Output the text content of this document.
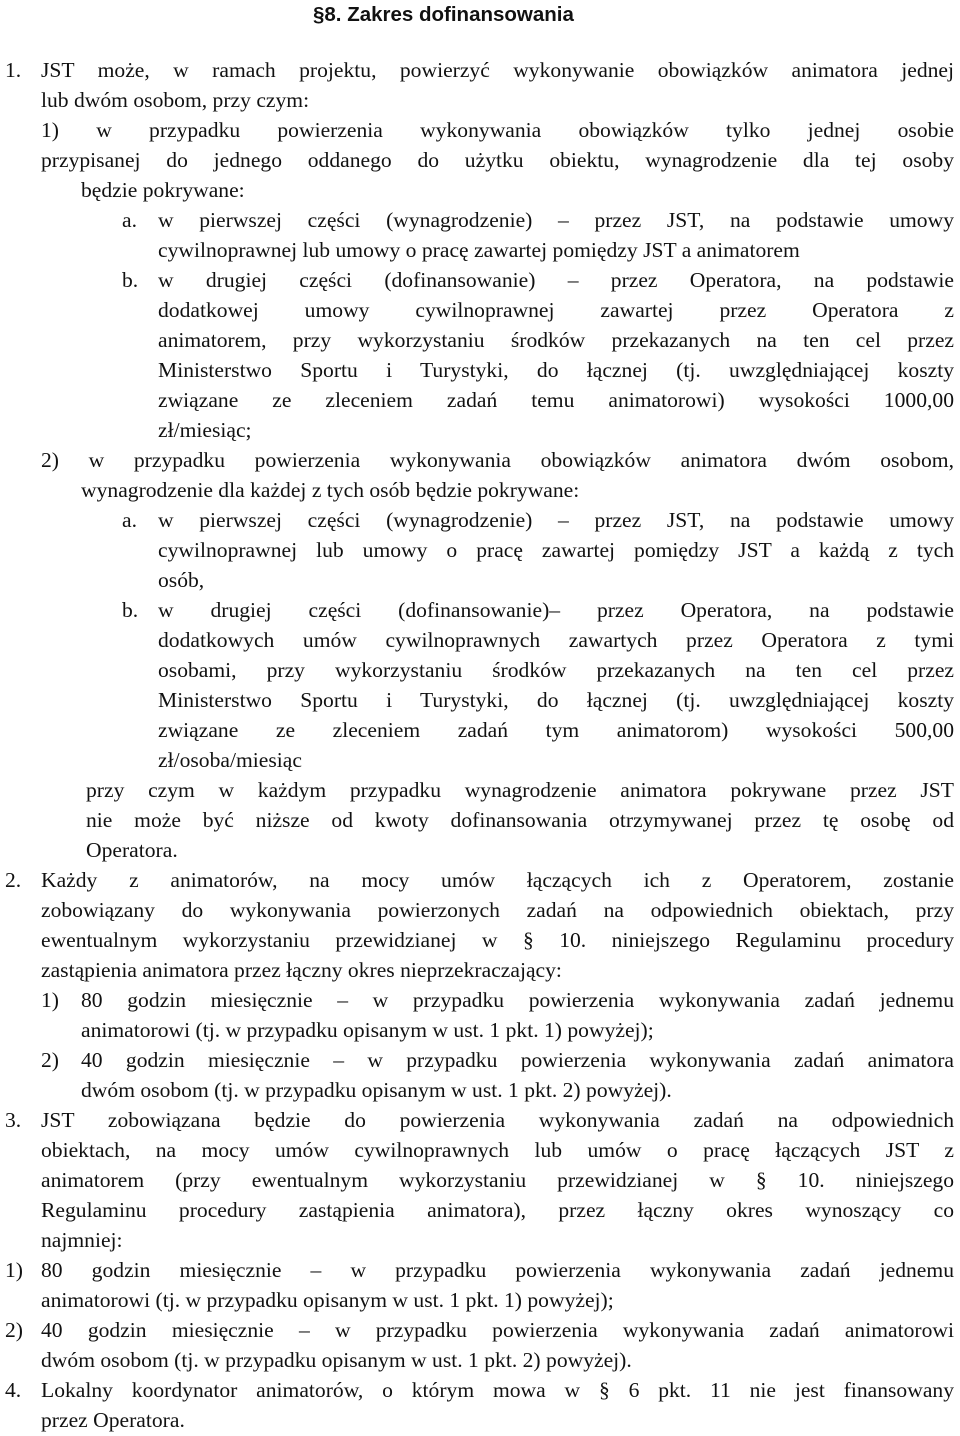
§8. Zakres dofinansowania
1. JST może, w ramach projektu, powierzyć wykonywanie obowiązków animatora jednej
lub dwóm osobom, przy czym:
1) w przypadku powierzenia wykonywania obowiązków tylko jednej osobie
przypisanej do jednego oddanego do użytku obiektu, wynagrodzenie dla tej osoby
będzie pokrywane:
a. w pierwszej części (wynagrodzenie) – przez JST, na podstawie umowy
cywilnoprawnej lub umowy o pracę zawartej pomiędzy JST a animatorem
b. w drugiej części (dofinansowanie) – przez Operatora, na podstawie
dodatkowej umowy cywilnoprawnej zawartej przez Operatora z
animatorem, przy wykorzystaniu środków przekazanych na ten cel przez
Ministerstwo Sportu i Turystyki, do łącznej (tj. uwzględniającej koszty
związane ze zleceniem zadań temu animatorowi) wysokości 1000,00
zł/miesiąc;
2) w przypadku powierzenia wykonywania obowiązków animatora dwóm osobom,
wynagrodzenie dla każdej z tych osób będzie pokrywane:
a. w pierwszej części (wynagrodzenie) – przez JST, na podstawie umowy
cywilnoprawnej lub umowy o pracę zawartej pomiędzy JST a każdą z tych
osób,
b. w drugiej części (dofinansowanie)– przez Operatora, na podstawie
dodatkowych umów cywilnoprawnych zawartych przez Operatora z tymi
osobami, przy wykorzystaniu środków przekazanych na ten cel przez
Ministerstwo Sportu i Turystyki, do łącznej (tj. uwzględniającej koszty
związane ze zleceniem zadań tym animatorom) wysokości 500,00
zł/osoba/miesiąc
przy czym w każdym przypadku wynagrodzenie animatora pokrywane przez JST
nie może być niższe od kwoty dofinansowania otrzymywanej przez tę osobę od
Operatora.
2. Każdy z animatorów, na mocy umów łączących ich z Operatorem, zostanie
zobowiązany do wykonywania powierzonych zadań na odpowiednich obiektach, przy
ewentualnym wykorzystaniu przewidzianej w § 10. niniejszego Regulaminu procedury
zastąpienia animatora przez łączny okres nieprzekraczający:
1) 80 godzin miesięcznie – w przypadku powierzenia wykonywania zadań jednemu
animatorowi (tj. w przypadku opisanym w ust. 1 pkt. 1) powyżej);
2) 40 godzin miesięcznie – w przypadku powierzenia wykonywania zadań animatora
dwóm osobom (tj. w przypadku opisanym w ust. 1 pkt. 2) powyżej).
3. JST zobowiązana będzie do powierzenia wykonywania zadań na odpowiednich
obiektach, na mocy umów cywilnoprawnych lub umów o pracę łączących JST z
animatorem (przy ewentualnym wykorzystaniu przewidzianej w § 10. niniejszego
Regulaminu procedury zastąpienia animatora), przez łączny okres wynoszący co
najmniej:
1) 80 godzin miesięcznie – w przypadku powierzenia wykonywania zadań jednemu
animatorowi (tj. w przypadku opisanym w ust. 1 pkt. 1) powyżej);
2) 40 godzin miesięcznie – w przypadku powierzenia wykonywania zadań animatorowi
dwóm osobom (tj. w przypadku opisanym w ust. 1 pkt. 2) powyżej).
4. Lokalny koordynator animatorów, o którym mowa w § 6 pkt. 11 nie jest finansowany
przez Operatora.
